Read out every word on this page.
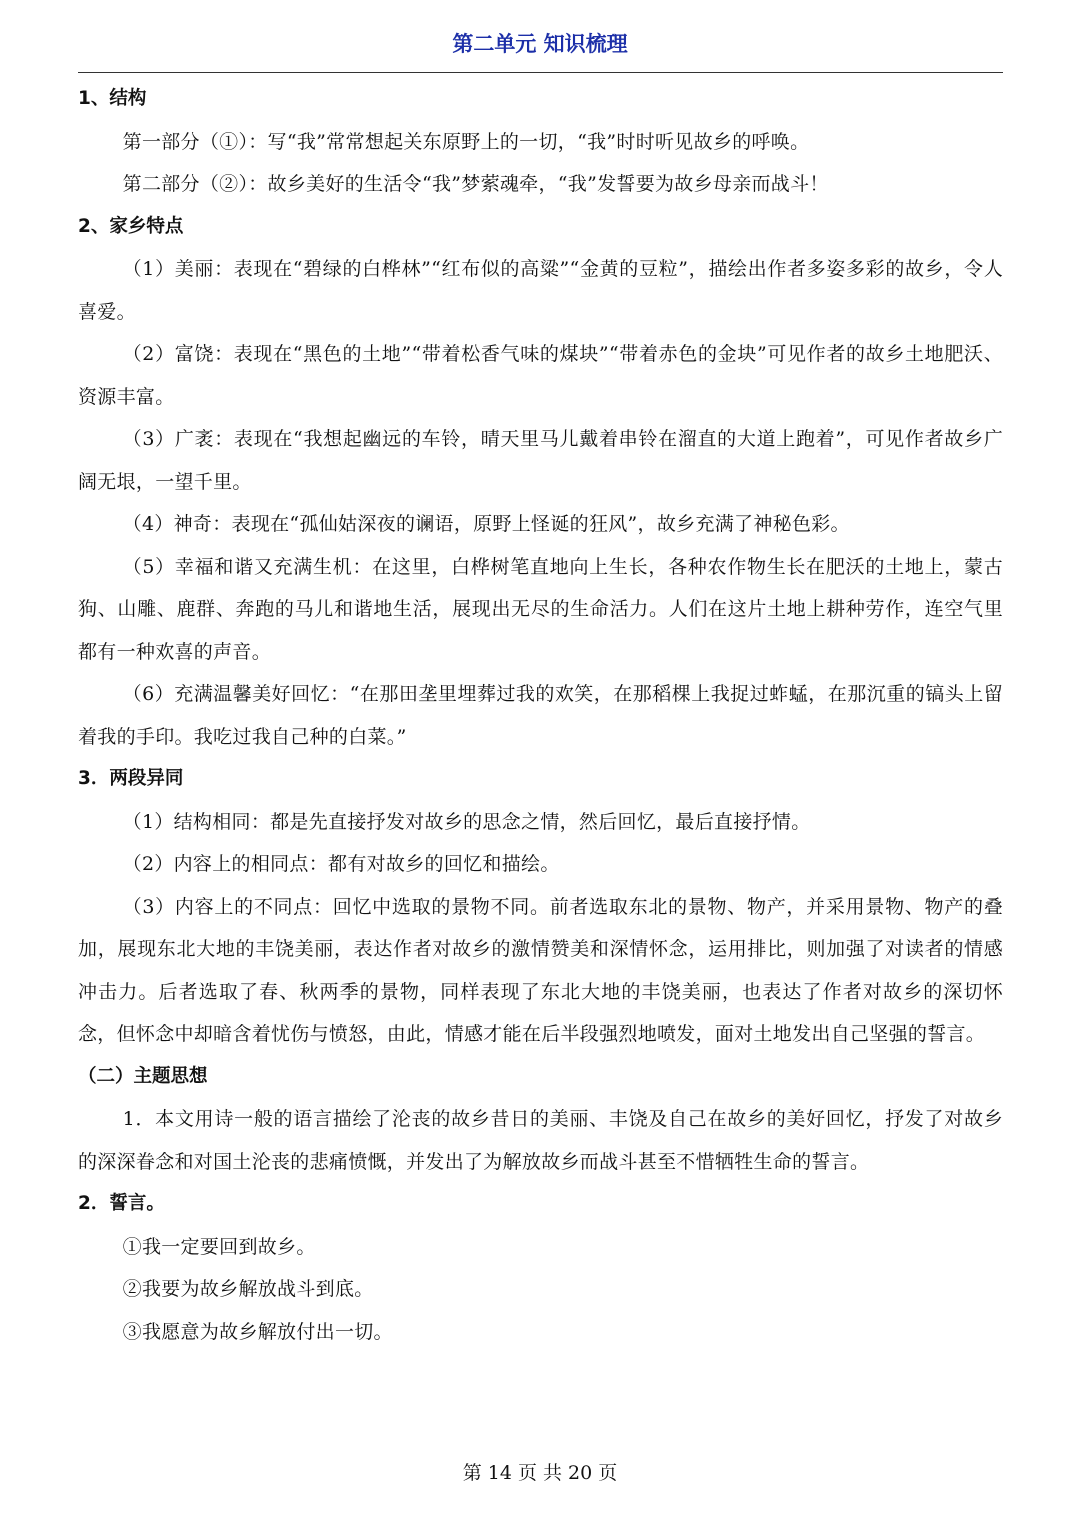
第二单元 知识梳理
1、结构
第一部分（①）：写“我”常常想起关东原野上的一切，“我”时时听见故乡的呼唤。
第二部分（②）：故乡美好的生活令“我”梦萦魂牵，“我”发誓要为故乡母亲而战斗！
2、家乡特点
（1）美丽：表现在“碧绿的白桦林”“红布似的高粱”“金黄的豆粒”，描绘出作者多姿多彩的故乡，令人喜爱。
（2）富饶：表现在“黑色的土地”“带着松香气味的煤块”“带着赤色的金块”可见作者的故乡土地肥沃、资源丰富。
（3）广袤：表现在“我想起幽远的车铃，晴天里马儿戴着串铃在溜直的大道上跑着”，可见作者故乡广阔无垠，一望千里。
（4）神奇：表现在“孤仙姑深夜的谰语，原野上怪诞的狂风”，故乡充满了神秘色彩。
（5）幸福和谐又充满生机：在这里，白桦树笔直地向上生长，各种农作物生长在肥沃的土地上，蒙古狗、山雕、鹿群、奔跑的马儿和谐地生活，展现出无尽的生命活力。人们在这片土地上耕种劳作，连空气里都有一种欢喜的声音。
（6）充满温馨美好回忆：“在那田垄里埋葬过我的欢笑，在那稻棵上我捉过蚱蜢，在那沉重的镐头上留着我的手印。我吃过我自己种的白菜。”
3．两段异同
（1）结构相同：都是先直接抒发对故乡的思念之情，然后回忆，最后直接抒情。
（2）内容上的相同点：都有对故乡的回忆和描绘。
（3）内容上的不同点：回忆中选取的景物不同。前者选取东北的景物、物产，并采用景物、物产的叠加，展现东北大地的丰饶美丽，表达作者对故乡的激情赞美和深情怀念，运用排比，则加强了对读者的情感冲击力。后者选取了春、秋两季的景物，同样表现了东北大地的丰饶美丽，也表达了作者对故乡的深切怀念，但怀念中却暗含着忧伤与愤怒，由此，情感才能在后半段强烈地喷发，面对土地发出自己坚强的誓言。
（二）主题思想
1．本文用诗一般的语言描绘了沦丧的故乡昔日的美丽、丰饶及自己在故乡的美好回忆，抒发了对故乡的深深眷念和对国土沦丧的悲痛愤慨，并发出了为解放故乡而战斗甚至不惜牺牲生命的誓言。
2．誓言。
①我一定要回到故乡。
②我要为故乡解放战斗到底。
③我愿意为故乡解放付出一切。
第 14 页 共 20 页
